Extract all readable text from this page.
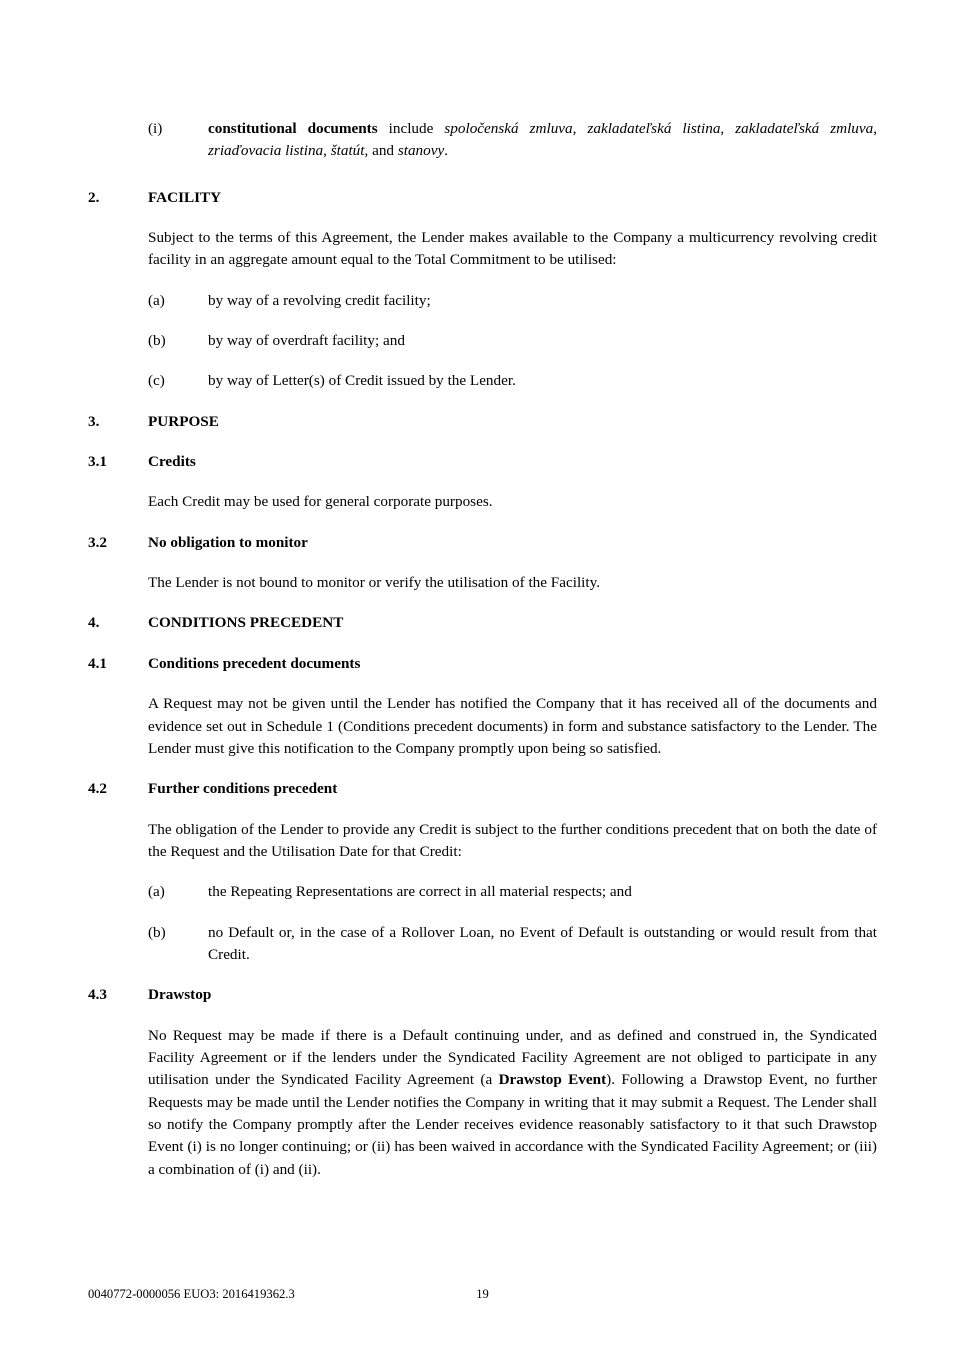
(i)	constitutional documents include spoločenská zmluva, zakladateľská listina, zakladateľská zmluva, zriaďovacia listina, štatút, and stanovy.
2.	FACILITY
Subject to the terms of this Agreement, the Lender makes available to the Company a multicurrency revolving credit facility in an aggregate amount equal to the Total Commitment to be utilised:
(a)	by way of a revolving credit facility;
(b)	by way of overdraft facility; and
(c)	by way of Letter(s) of Credit issued by the Lender.
3.	PURPOSE
3.1	Credits
Each Credit may be used for general corporate purposes.
3.2	No obligation to monitor
The Lender is not bound to monitor or verify the utilisation of the Facility.
4.	CONDITIONS PRECEDENT
4.1	Conditions precedent documents
A Request may not be given until the Lender has notified the Company that it has received all of the documents and evidence set out in Schedule 1 (Conditions precedent documents) in form and substance satisfactory to the Lender. The Lender must give this notification to the Company promptly upon being so satisfied.
4.2	Further conditions precedent
The obligation of the Lender to provide any Credit is subject to the further conditions precedent that on both the date of the Request and the Utilisation Date for that Credit:
(a)	the Repeating Representations are correct in all material respects; and
(b)	no Default or, in the case of a Rollover Loan, no Event of Default is outstanding or would result from that Credit.
4.3	Drawstop
No Request may be made if there is a Default continuing under, and as defined and construed in, the Syndicated Facility Agreement or if the lenders under the Syndicated Facility Agreement are not obliged to participate in any utilisation under the Syndicated Facility Agreement (a Drawstop Event). Following a Drawstop Event, no further Requests may be made until the Lender notifies the Company in writing that it may submit a Request. The Lender shall so notify the Company promptly after the Lender receives evidence reasonably satisfactory to it that such Drawstop Event (i) is no longer continuing; or (ii) has been waived in accordance with the Syndicated Facility Agreement; or (iii) a combination of (i) and (ii).
0040772-0000056 EUO3: 2016419362.3	19
